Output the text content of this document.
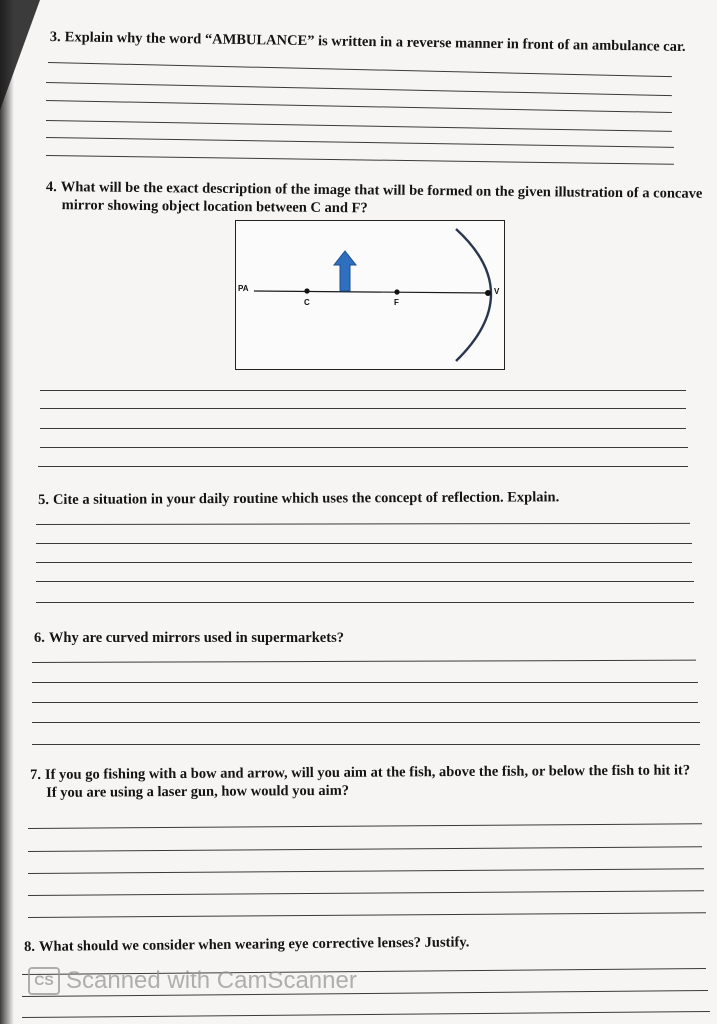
3. Explain why the word “AMBULANCE” is written in a reverse manner in front of an ambulance car.
4. What will be the exact description of the image that will be formed on the given illustration of a concave
mirror showing object location between C and F?
PA
C	F
V
5. Cite a situation in your daily routine which uses the concept of reflection. Explain.
6. Why are curved mirrors used in supermarkets?
7. If you go fishing with a bow and arrow, will you aim at the fish, above the fish, or below the fish to hit it?
If you are using a laser gun, how would you aim?
8. What should we consider when wearing eye corrective lenses? Justify.
CS Scanned with CamScanner
